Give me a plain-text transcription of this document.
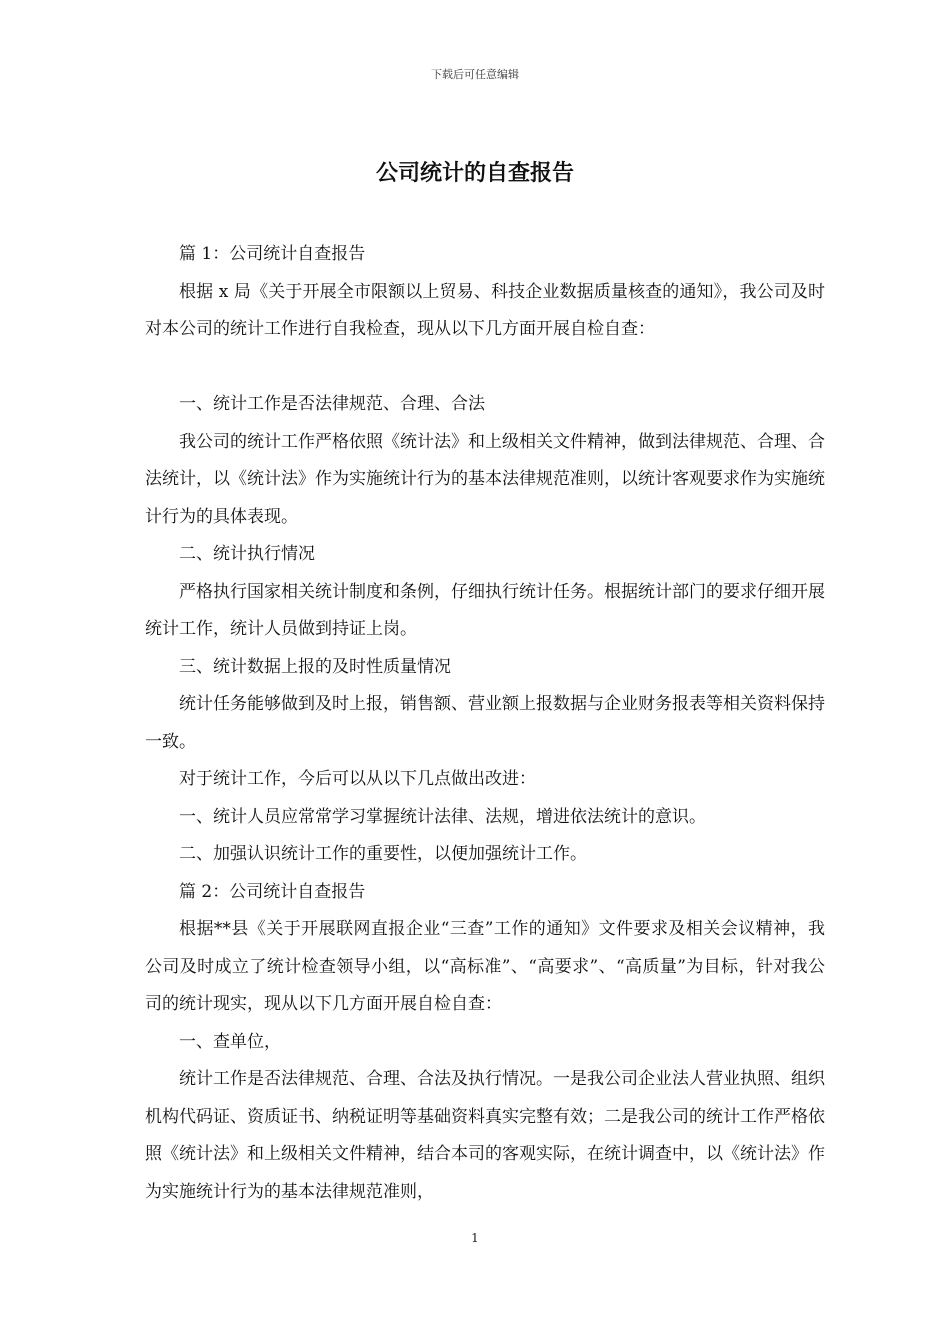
下载后可任意编辑
公司统计的自查报告

篇 1：公司统计自查报告

根据 x 局《关于开展全市限额以上贸易、科技企业数据质量核查的通知》，我公司及时对本公司的统计工作进行自我检查，现从以下几方面开展自检自查：

一、统计工作是否法律规范、合理、合法

我公司的统计工作严格依照《统计法》和上级相关文件精神，做到法律规范、合理、合法统计，以《统计法》作为实施统计行为的基本法律规范准则，以统计客观要求作为实施统计行为的具体表现。

二、统计执行情况

严格执行国家相关统计制度和条例，仔细执行统计任务。根据统计部门的要求仔细开展统计工作，统计人员做到持证上岗。

三、统计数据上报的及时性质量情况

统计任务能够做到及时上报，销售额、营业额上报数据与企业财务报表等相关资料保持一致。

对于统计工作，今后可以从以下几点做出改进：

一、统计人员应常常学习掌握统计法律、法规，增进依法统计的意识。

二、加强认识统计工作的重要性，以便加强统计工作。

篇 2：公司统计自查报告

根据**县《关于开展联网直报企业“三查”工作的通知》文件要求及相关会议精神，我公司及时成立了统计检查领导小组，以“高标准”、“高要求”、“高质量”为目标，针对我公司的统计现实，现从以下几方面开展自检自查：

一、查单位，

统计工作是否法律规范、合理、合法及执行情况。一是我公司企业法人营业执照、组织机构代码证、资质证书、纳税证明等基础资料真实完整有效；二是我公司的统计工作严格依照《统计法》和上级相关文件精神，结合本司的客观实际，在统计调查中，以《统计法》作为实施统计行为的基本法律规范准则，

1
